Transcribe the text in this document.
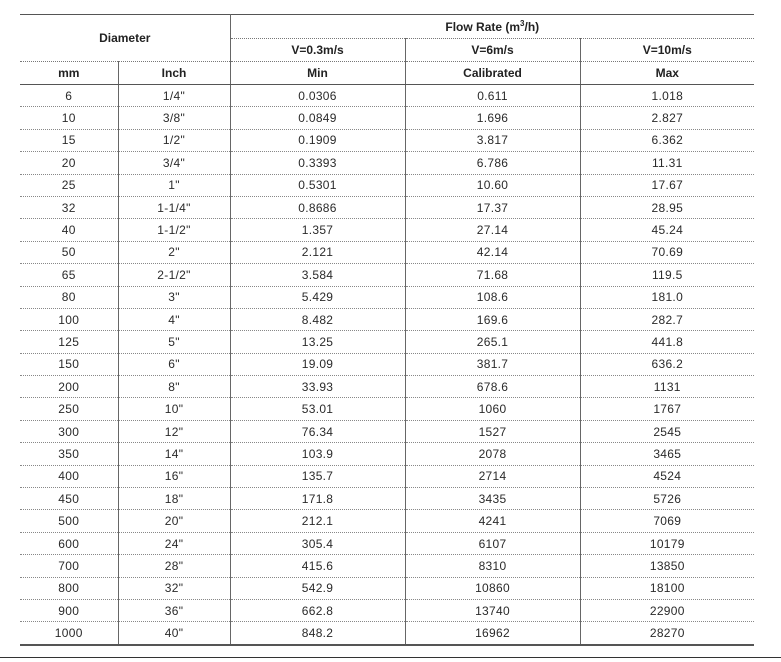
Diameter		Flow Rate $(m^3/h)$		
		V=0.3m/s	V=6m/s	V=10m/s
mm	Inch	Min	Calibrated	Max
6	1/4"	0.0306	0.611	1.018
10	3/8"	0.0849	1.696	2.827
15	1/2"	0.1909	3.817	6.362
20	3/4"	0.3393	6.786	11.31
25	1"	0.5301	10.60	17.67
32	1-1/4"	0.8686	17.37	28.95
40	1-1/2"	1.357	27.14	45.24
50	2"	2.121	42.14	70.69
65	2-1/2"	3.584	71.68	119.5
80	3"	5.429	108.6	181.0
100	4"	8.482	169.6	282.7
125	5"	13.25	265.1	441.8
150	6"	19.09	381.7	636.2
200	8"	33.93	678.6	1131
250	10"	53.01	1060	1767
300	12"	76.34	1527	2545
350	14"	103.9	2078	3465
400	16"	135.7	2714	4524
450	18"	171.8	3435	5726
500	20"	212.1	4241	7069
600	24"	305.4	6107	10179
700	28"	415.6	8310	13850
800	32"	542.9	10860	18100
900	36"	662.8	13740	22900
1000	40"	848.2	16962	28270
